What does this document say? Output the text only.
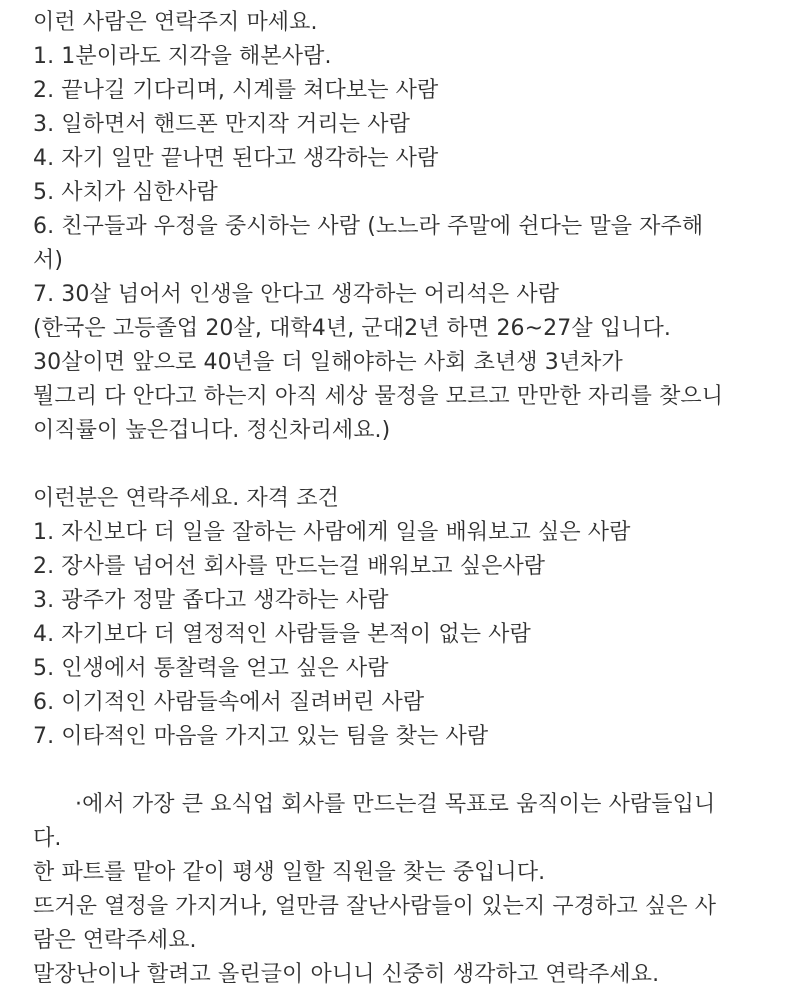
이런 사람은 연락주지 마세요.
1. 1분이라도 지각을 해본사람.
2. 끝나길 기다리며, 시계를 쳐다보는 사람
3. 일하면서 핸드폰 만지작 거리는 사람
4. 자기 일만 끝나면 된다고 생각하는 사람
5. 사치가 심한사람
6. 친구들과 우정을 중시하는 사람 (노느라 주말에 쉰다는 말을 자주해
서)
7. 30살 넘어서 인생을 안다고 생각하는 어리석은 사람
(한국은 고등졸업 20살, 대학4년, 군대2년 하면 26~27살 입니다.
30살이면 앞으로 40년을 더 일해야하는 사회 초년생 3년차가
뭘그리 다 안다고 하는지 아직 세상 물정을 모르고 만만한 자리를 찾으니
이직률이 높은겁니다. 정신차리세요.)
이런분은 연락주세요. 자격 조건
1. 자신보다 더 일을 잘하는 사람에게 일을 배워보고 싶은 사람
2. 장사를 넘어선 회사를 만드는걸 배워보고 싶은사람
3. 광주가 정말 좁다고 생각하는 사람
4. 자기보다 더 열정적인 사람들을 본적이 없는 사람
5. 인생에서 통찰력을 얻고 싶은 사람
6. 이기적인 사람들속에서 질려버린 사람
7. 이타적인 마음을 가지고 있는 팀을 찾는 사람
·에서 가장 큰 요식업 회사를 만드는걸 목표로 움직이는 사람들입니
다.
한 파트를 맡아 같이 평생 일할 직원을 찾는 중입니다.
뜨거운 열정을 가지거나, 얼만큼 잘난사람들이 있는지 구경하고 싶은 사
람은 연락주세요.
말장난이나 할려고 올린글이 아니니 신중히 생각하고 연락주세요.
